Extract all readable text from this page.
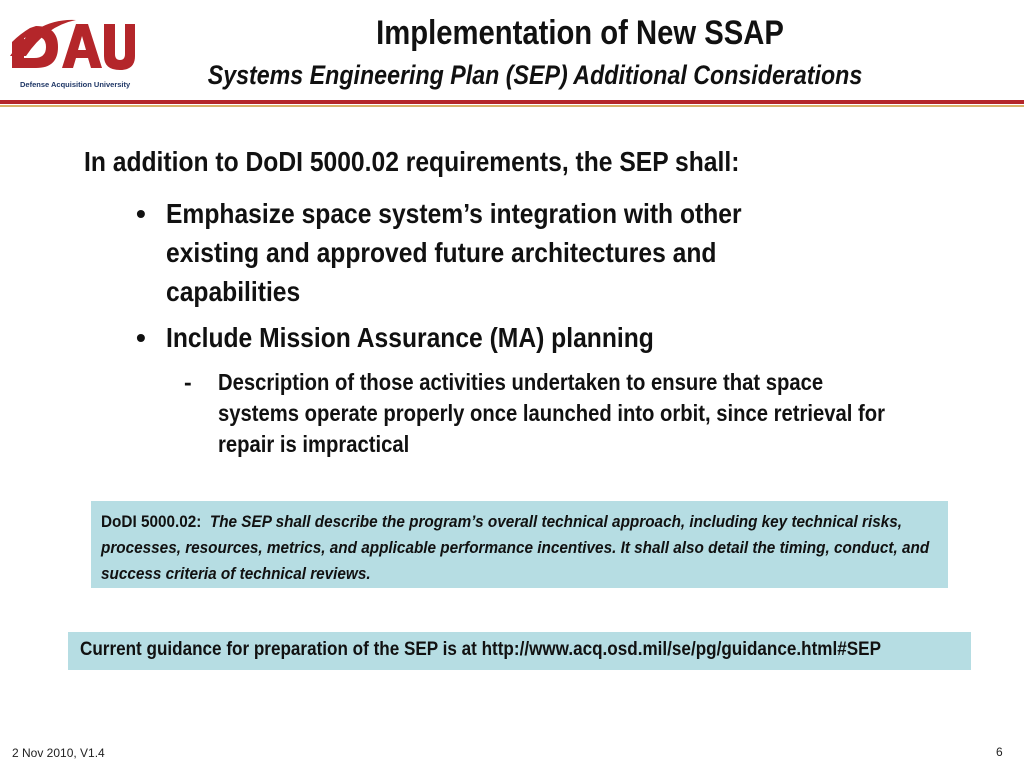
Defense Acquisition University
Implementation of New SSAP
Systems Engineering Plan (SEP) Additional Considerations
In addition to DoDI 5000.02 requirements, the SEP shall:
• Emphasize space system’s integration with other existing and approved future architectures and capabilities
• Include Mission Assurance (MA) planning
- Description of those activities undertaken to ensure that space systems operate properly once launched into orbit, since retrieval for repair is impractical
DoDI 5000.02: The SEP shall describe the program’s overall technical approach, including key technical risks, processes, resources, metrics, and applicable performance incentives. It shall also detail the timing, conduct, and success criteria of technical reviews.
Current guidance for preparation of the SEP is at http://www.acq.osd.mil/se/pg/guidance.html#SEP
2 Nov 2010, V1.4	6
